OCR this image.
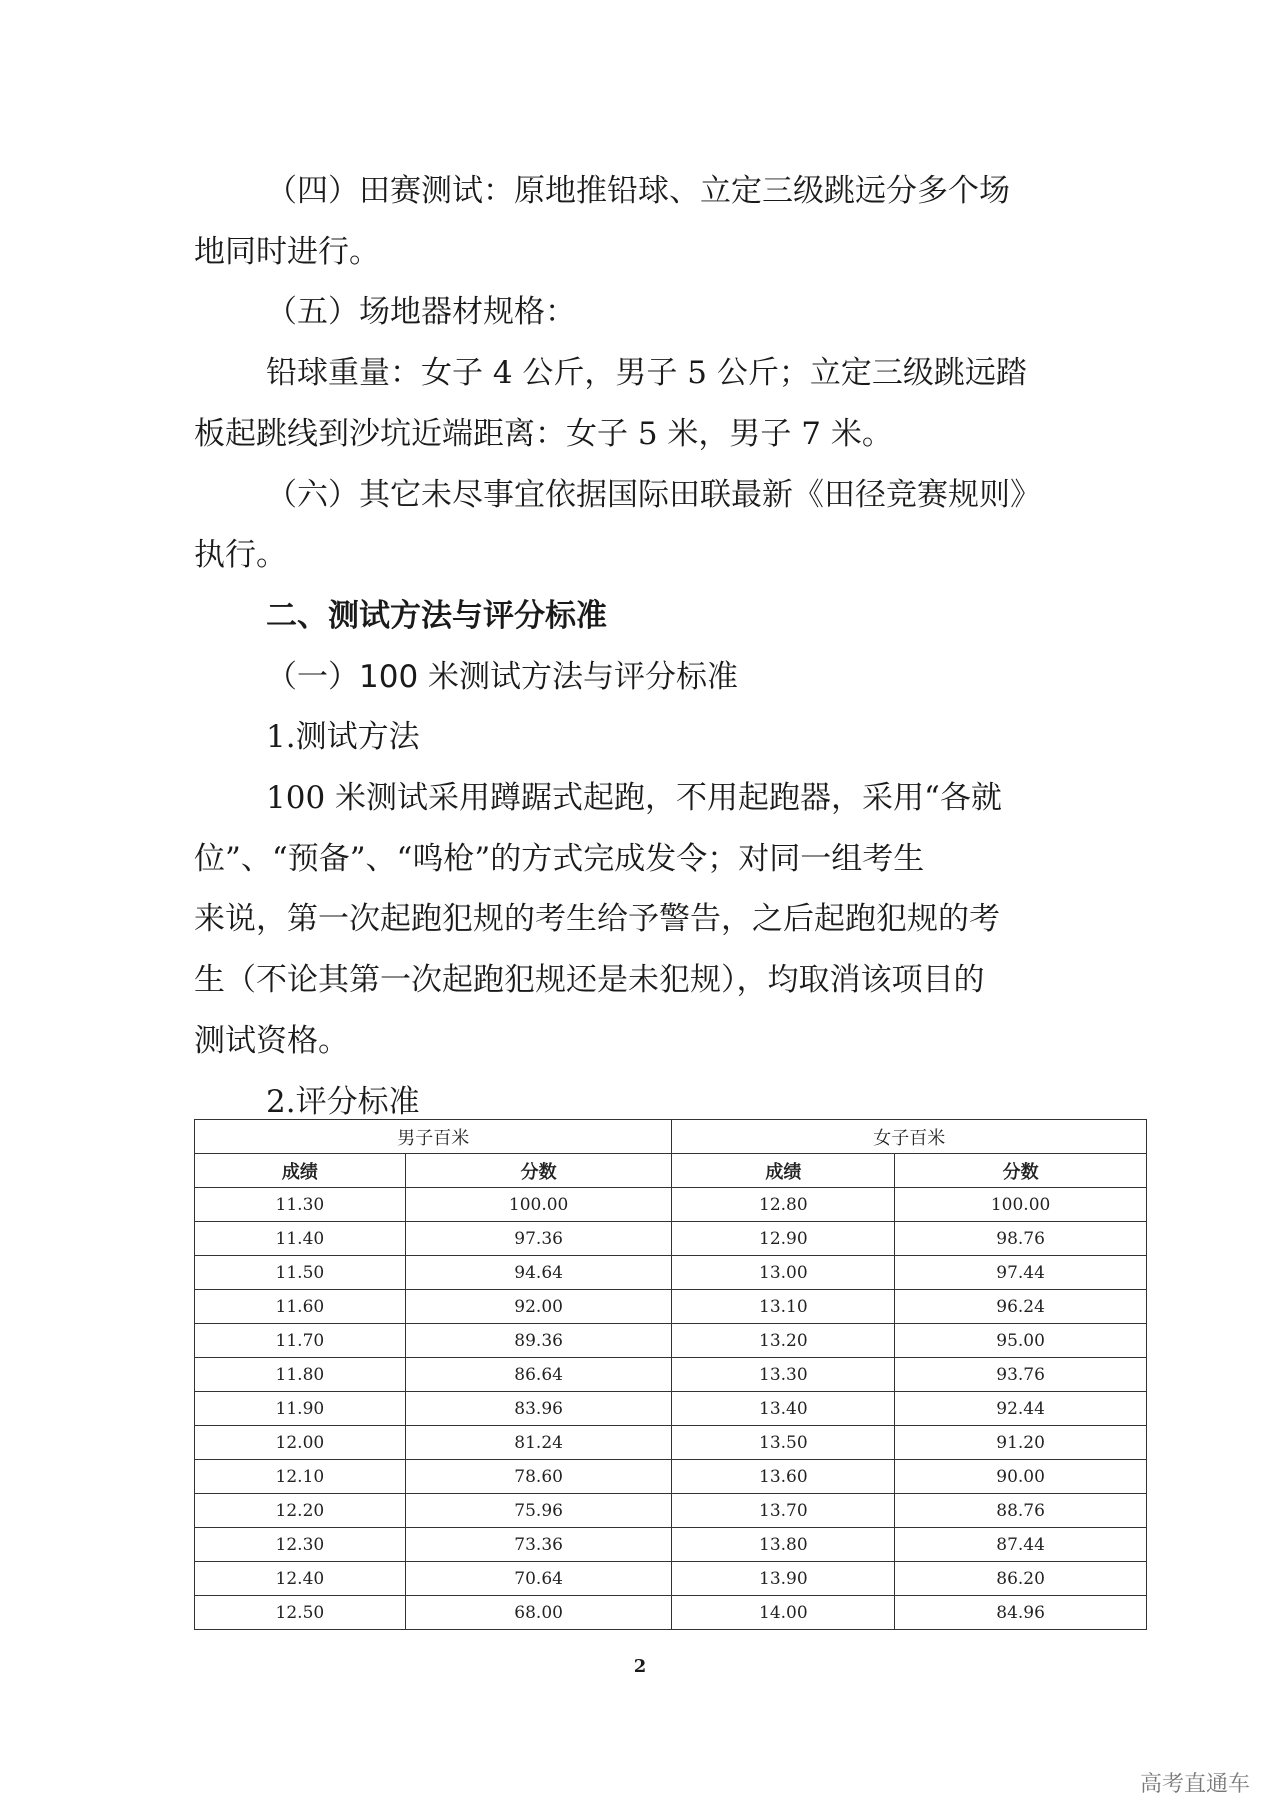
（四）田赛测试：原地推铅球、立定三级跳远分多个场
地同时进行。
（五）场地器材规格：
铅球重量：女子 4 公斤，男子 5 公斤；立定三级跳远踏
板起跳线到沙坑近端距离：女子 5 米，男子 7 米。
（六）其它未尽事宜依据国际田联最新《田径竞赛规则》
执行。
二、测试方法与评分标准
（一）100 米测试方法与评分标准
1.测试方法
100 米测试采用蹲踞式起跑，不用起跑器，采用“各就
位”、“预备”、“鸣枪”的方式完成发令；对同一组考生
来说，第一次起跑犯规的考生给予警告，之后起跑犯规的考
生（不论其第一次起跑犯规还是未犯规），均取消该项目的
测试资格。
2.评分标准
男子百米		女子百米	
成绩	分数	成绩	分数
11.30	100.00	12.80	100.00
11.40	97.36	12.90	98.76
11.50	94.64	13.00	97.44
11.60	92.00	13.10	96.24
11.70	89.36	13.20	95.00
11.80	86.64	13.30	93.76
11.90	83.96	13.40	92.44
12.00	81.24	13.50	91.20
12.10	78.60	13.60	90.00
12.20	75.96	13.70	88.76
12.30	73.36	13.80	87.44
12.40	70.64	13.90	86.20
12.50	68.00	14.00	84.96
2
高考直通车
